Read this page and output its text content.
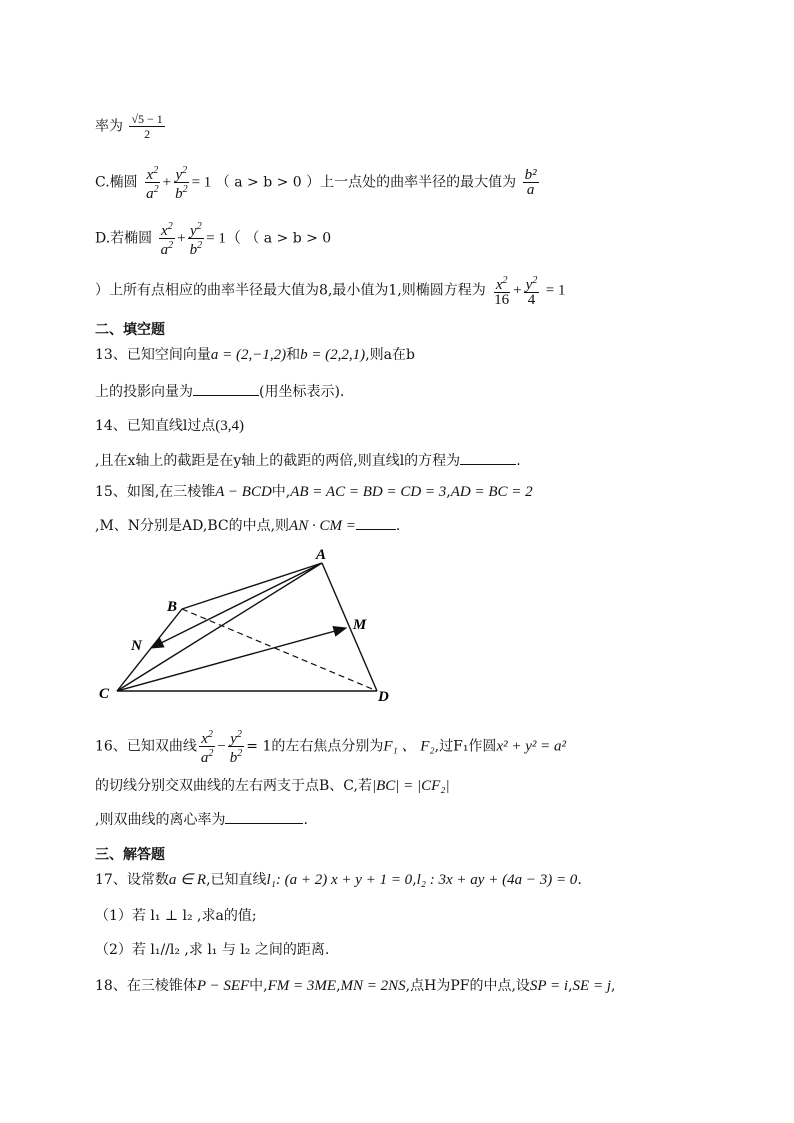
率为 $\frac{√5 - 1}{2}$
C.椭圆 $\frac{x^2}{a^2} + \frac{y^2}{b^2} = 1$ （ a > b > 0 ）上一点处的曲率半径的最大值为 $\frac{\text{b²}}{a}$
D.若椭圆 $\frac{x^2}{a^2} + \frac{y^2}{b^2} = 1$（ （ a > b > 0
）上所有点相应的曲率半径最大值为8,最小值为1,则椭圆方程为 $\frac{x^2}{16} + \frac{y^2}{4} = 1$
二、填空题
13、已知空间向量a = (2,−1,2)和b = (2,2,1),则a在b
上的投影向量为	(用坐标表示).
14、已知直线l过点(3,4)
,且在x轴上的截距是在y轴上的截距的两倍,则直线l的方程为	.
15、如图,在三棱锥A − BCD中,AB = AC = BD = CD = 3,AD = BC = 2
,M、N分别是AD,BC的中点,则AN · CM =	.
A
B
C	D
M
N
16、已知双曲线 $\frac{x^2}{a^2} - \frac{y^2}{b^2} = 1$的左右焦点分别为F₁ 、 F₂,过F₁作圆x² + y² = a²
的切线分别交双曲线的左右两支于点B、C,若|BC| = |CF₂|
,则双曲线的离心率为	.
三、解答题
17、设常数a ∈ R,已知直线l₁: (a + 2) x + y + 1 = 0,l₂ : 3x + ay + (4a − 3) = 0.
（1）若 l₁ ⊥ l₂ ,求a的值;
（2）若 l₁//l₂ ,求 l₁ 与 l₂ 之间的距离.
18、在三棱锥体P − SEF中,FM = 3ME,MN = 2NS,点H为PF的中点,设SP = i,SE = j,
